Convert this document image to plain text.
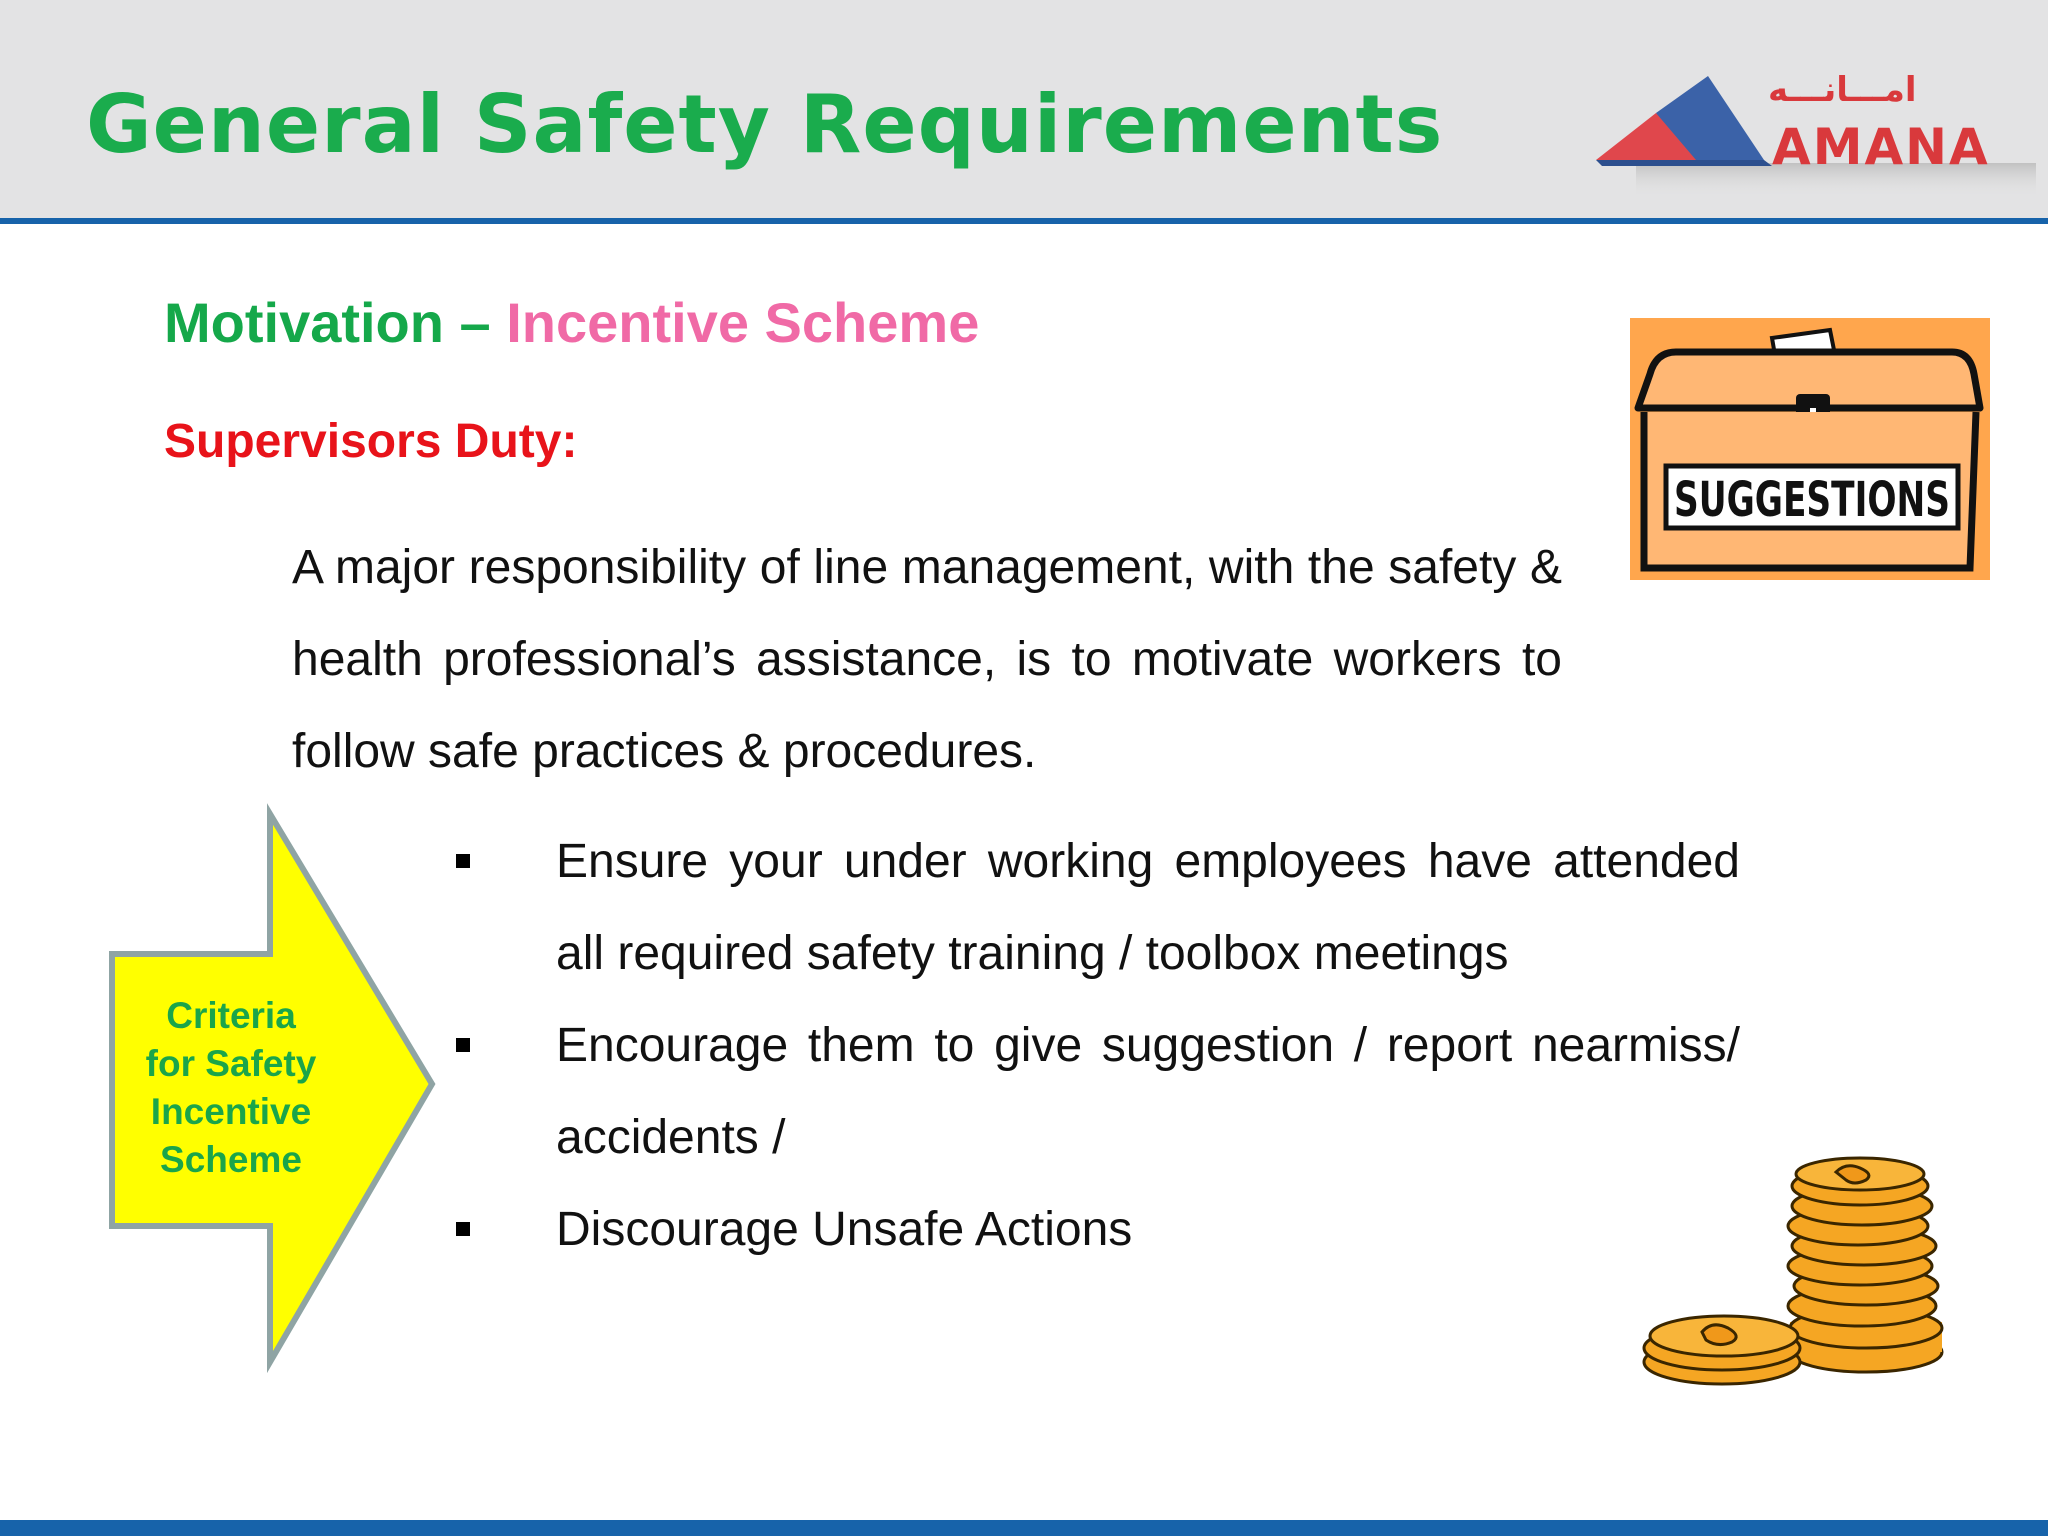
General Safety Requirements	امـــانـــه
AMANA
Motivation – Incentive Scheme
Supervisors Duty:
A major responsibility of line management, with the safety & health professional’s assistance, is to motivate workers to follow safe practices & procedures.
Ensure your under working employees have attended all required safety training / toolbox meetings
Encourage them to give suggestion / report nearmiss/ accidents /
Discourage Unsafe Actions
Criteria
for Safety
Incentive
Scheme
SUGGESTIONS
